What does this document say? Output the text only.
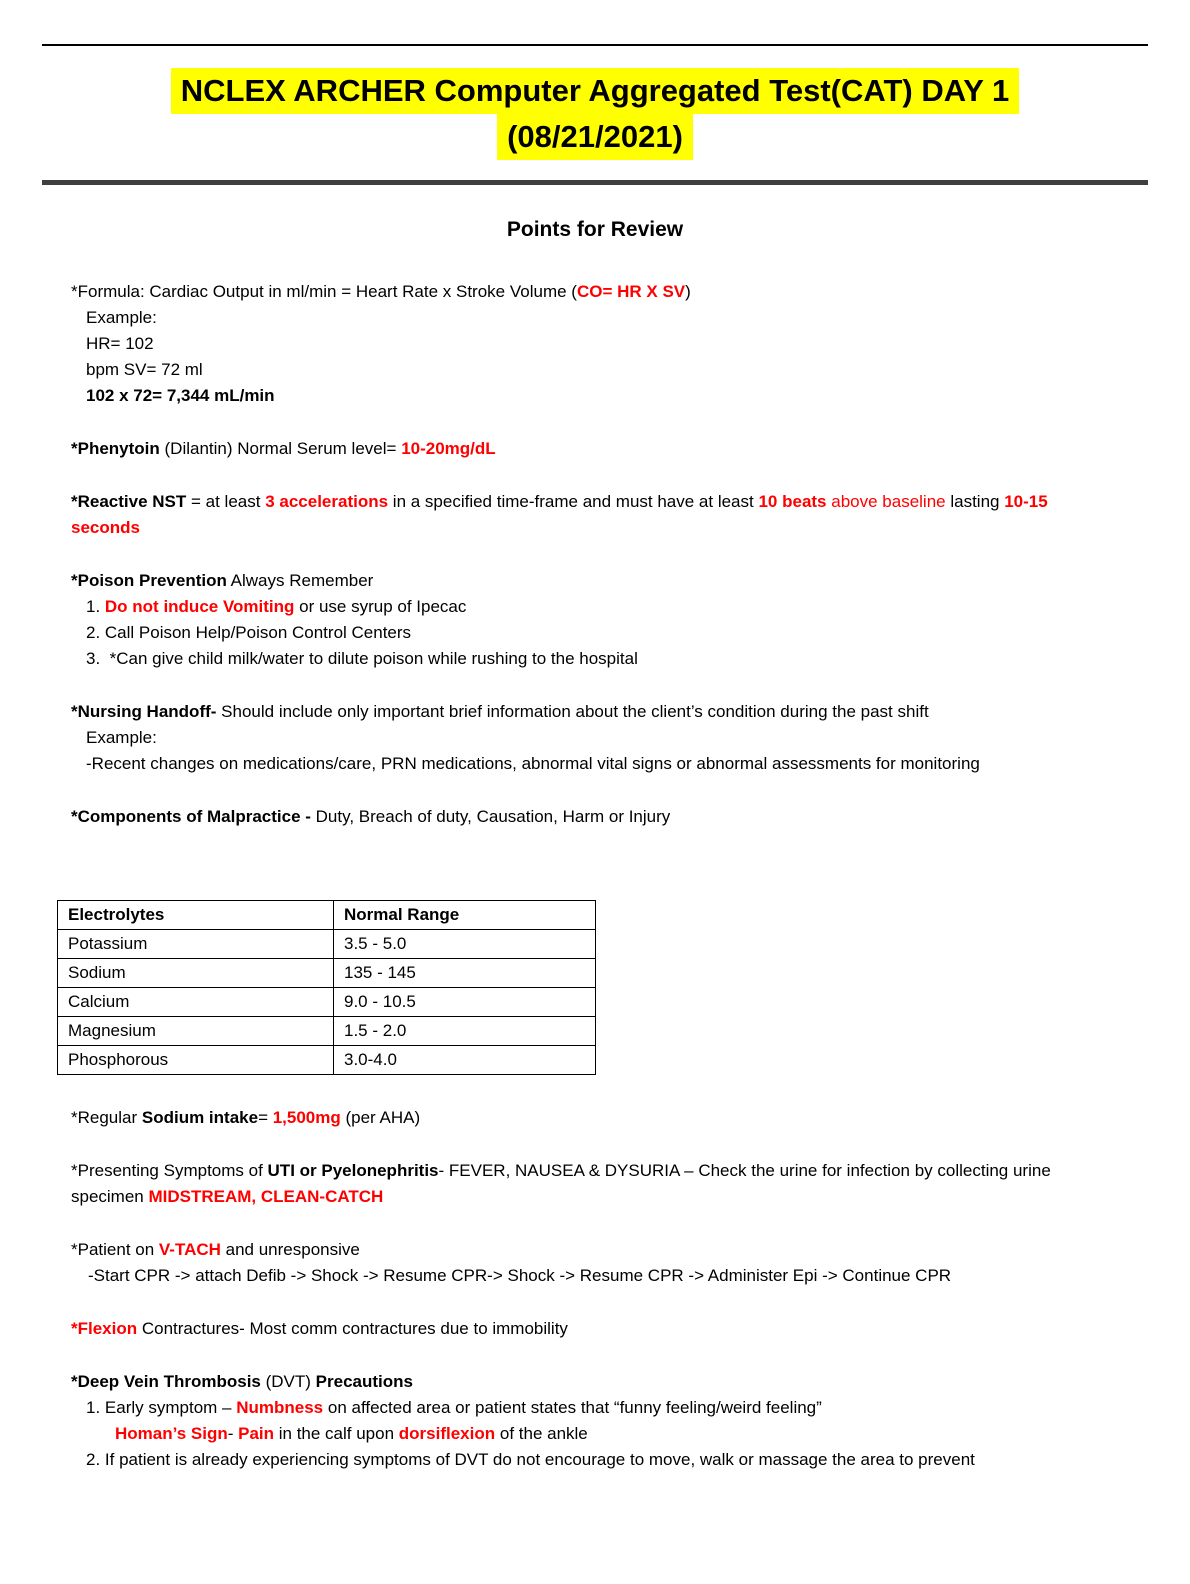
NCLEX ARCHER Computer Aggregated Test(CAT) DAY 1
(08/21/2021)
Points for Review
*Formula: Cardiac Output in ml/min = Heart Rate x Stroke Volume (CO= HR X SV)
Example:
HR= 102
bpm SV= 72 ml
102 x 72= 7,344 mL/min
*Phenytoin (Dilantin) Normal Serum level= 10-20mg/dL
*Reactive NST = at least 3 accelerations in a specified time-frame and must have at least 10 beats above baseline lasting 10-15 seconds
*Poison Prevention Always Remember
1. Do not induce Vomiting or use syrup of Ipecac
2. Call Poison Help/Poison Control Centers
3.  *Can give child milk/water to dilute poison while rushing to the hospital
*Nursing Handoff- Should include only important brief information about the client’s condition during the past shift
Example:
-Recent changes on medications/care, PRN medications, abnormal vital signs or abnormal assessments for monitoring
*Components of Malpractice - Duty, Breach of duty, Causation, Harm or Injury
Electrolytes	Normal Range
Potassium	3.5 - 5.0
Sodium	135 - 145
Calcium	9.0 - 10.5
Magnesium	1.5 - 2.0
Phosphorous	3.0-4.0
*Regular Sodium intake= 1,500mg (per AHA)
*Presenting Symptoms of UTI or Pyelonephritis- FEVER, NAUSEA & DYSURIA – Check the urine for infection by collecting urine specimen MIDSTREAM, CLEAN-CATCH
*Patient on V-TACH and unresponsive
-Start CPR -> attach Defib -> Shock -> Resume CPR-> Shock -> Resume CPR -> Administer Epi -> Continue CPR
*Flexion Contractures- Most comm contractures due to immobility
*Deep Vein Thrombosis (DVT) Precautions
1. Early symptom – Numbness on affected area or patient states that “funny feeling/weird feeling”
Homan’s Sign- Pain in the calf upon dorsiflexion of the ankle
2. If patient is already experiencing symptoms of DVT do not encourage to move, walk or massage the area to prevent
